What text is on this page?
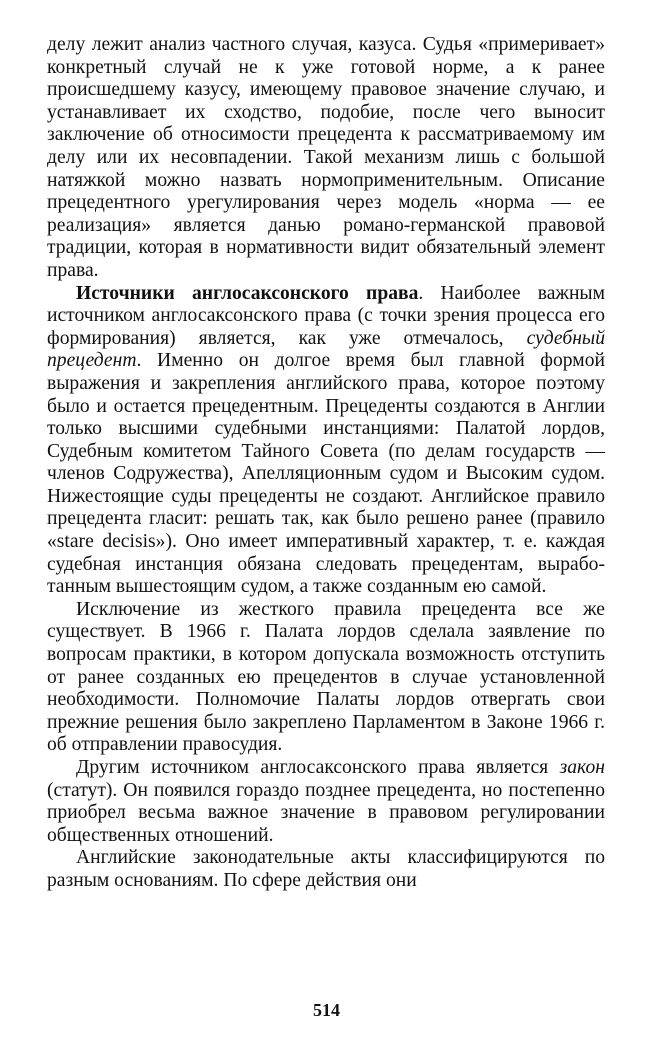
делу лежит анализ частного случая, казуса. Судья «примеривает» конкретный случай не к уже готовой норме, а к ранее происшедшему казусу, имеющему правовое значение случаю, и устанавливает их сходство, подобие, после чего выносит заключение об относимости прецедента к рассматриваемому им делу или их несовпадении. Такой механизм лишь с большой натяжкой можно назвать нормоприменительным. Описание прецедентного урегулирования через модель «норма — ее реализация» является данью романо-германской правовой традиции, которая в нормативности видит обязательный элемент права.

Источники англосаксонского права. Наиболее важным источником англосаксонского права (с точки зрения процесса его формирования) является, как уже отмечалось, судебный прецедент. Именно он долгое время был главной формой выражения и закрепления английского права, которое поэтому было и остается прецедентным. Прецеденты создаются в Англии только высшими судебными инстанциями: Палатой лордов, Судебным комитетом Тайного Совета (по делам государств — членов Содружества), Апелляционным судом и Высоким судом. Нижестоящие суды прецеденты не создают. Английское правило прецедента гласит: решать так, как было решено ранее (правило «stare decisis»). Оно имеет императивный характер, т. е. каждая судебная инстанция обязана следовать прецедентам, выработанным вышестоящим судом, а также созданным ею самой.

Исключение из жесткого правила прецедента все же существует. В 1966 г. Палата лордов сделала заявление по вопросам практики, в котором допускала возможность отступить от ранее созданных ею прецедентов в случае установленной необходимости. Полномочие Палаты лордов отвергать свои прежние решения было закреплено Парламентом в Законе 1966 г. об отправлении правосудия.

Другим источником англосаксонского права является закон (статут). Он появился гораздо позднее прецедента, но постепенно приобрел весьма важное значение в правовом регулировании общественных отношений.

Английские законодательные акты классифицируются по разным основаниям. По сфере действия они

514
